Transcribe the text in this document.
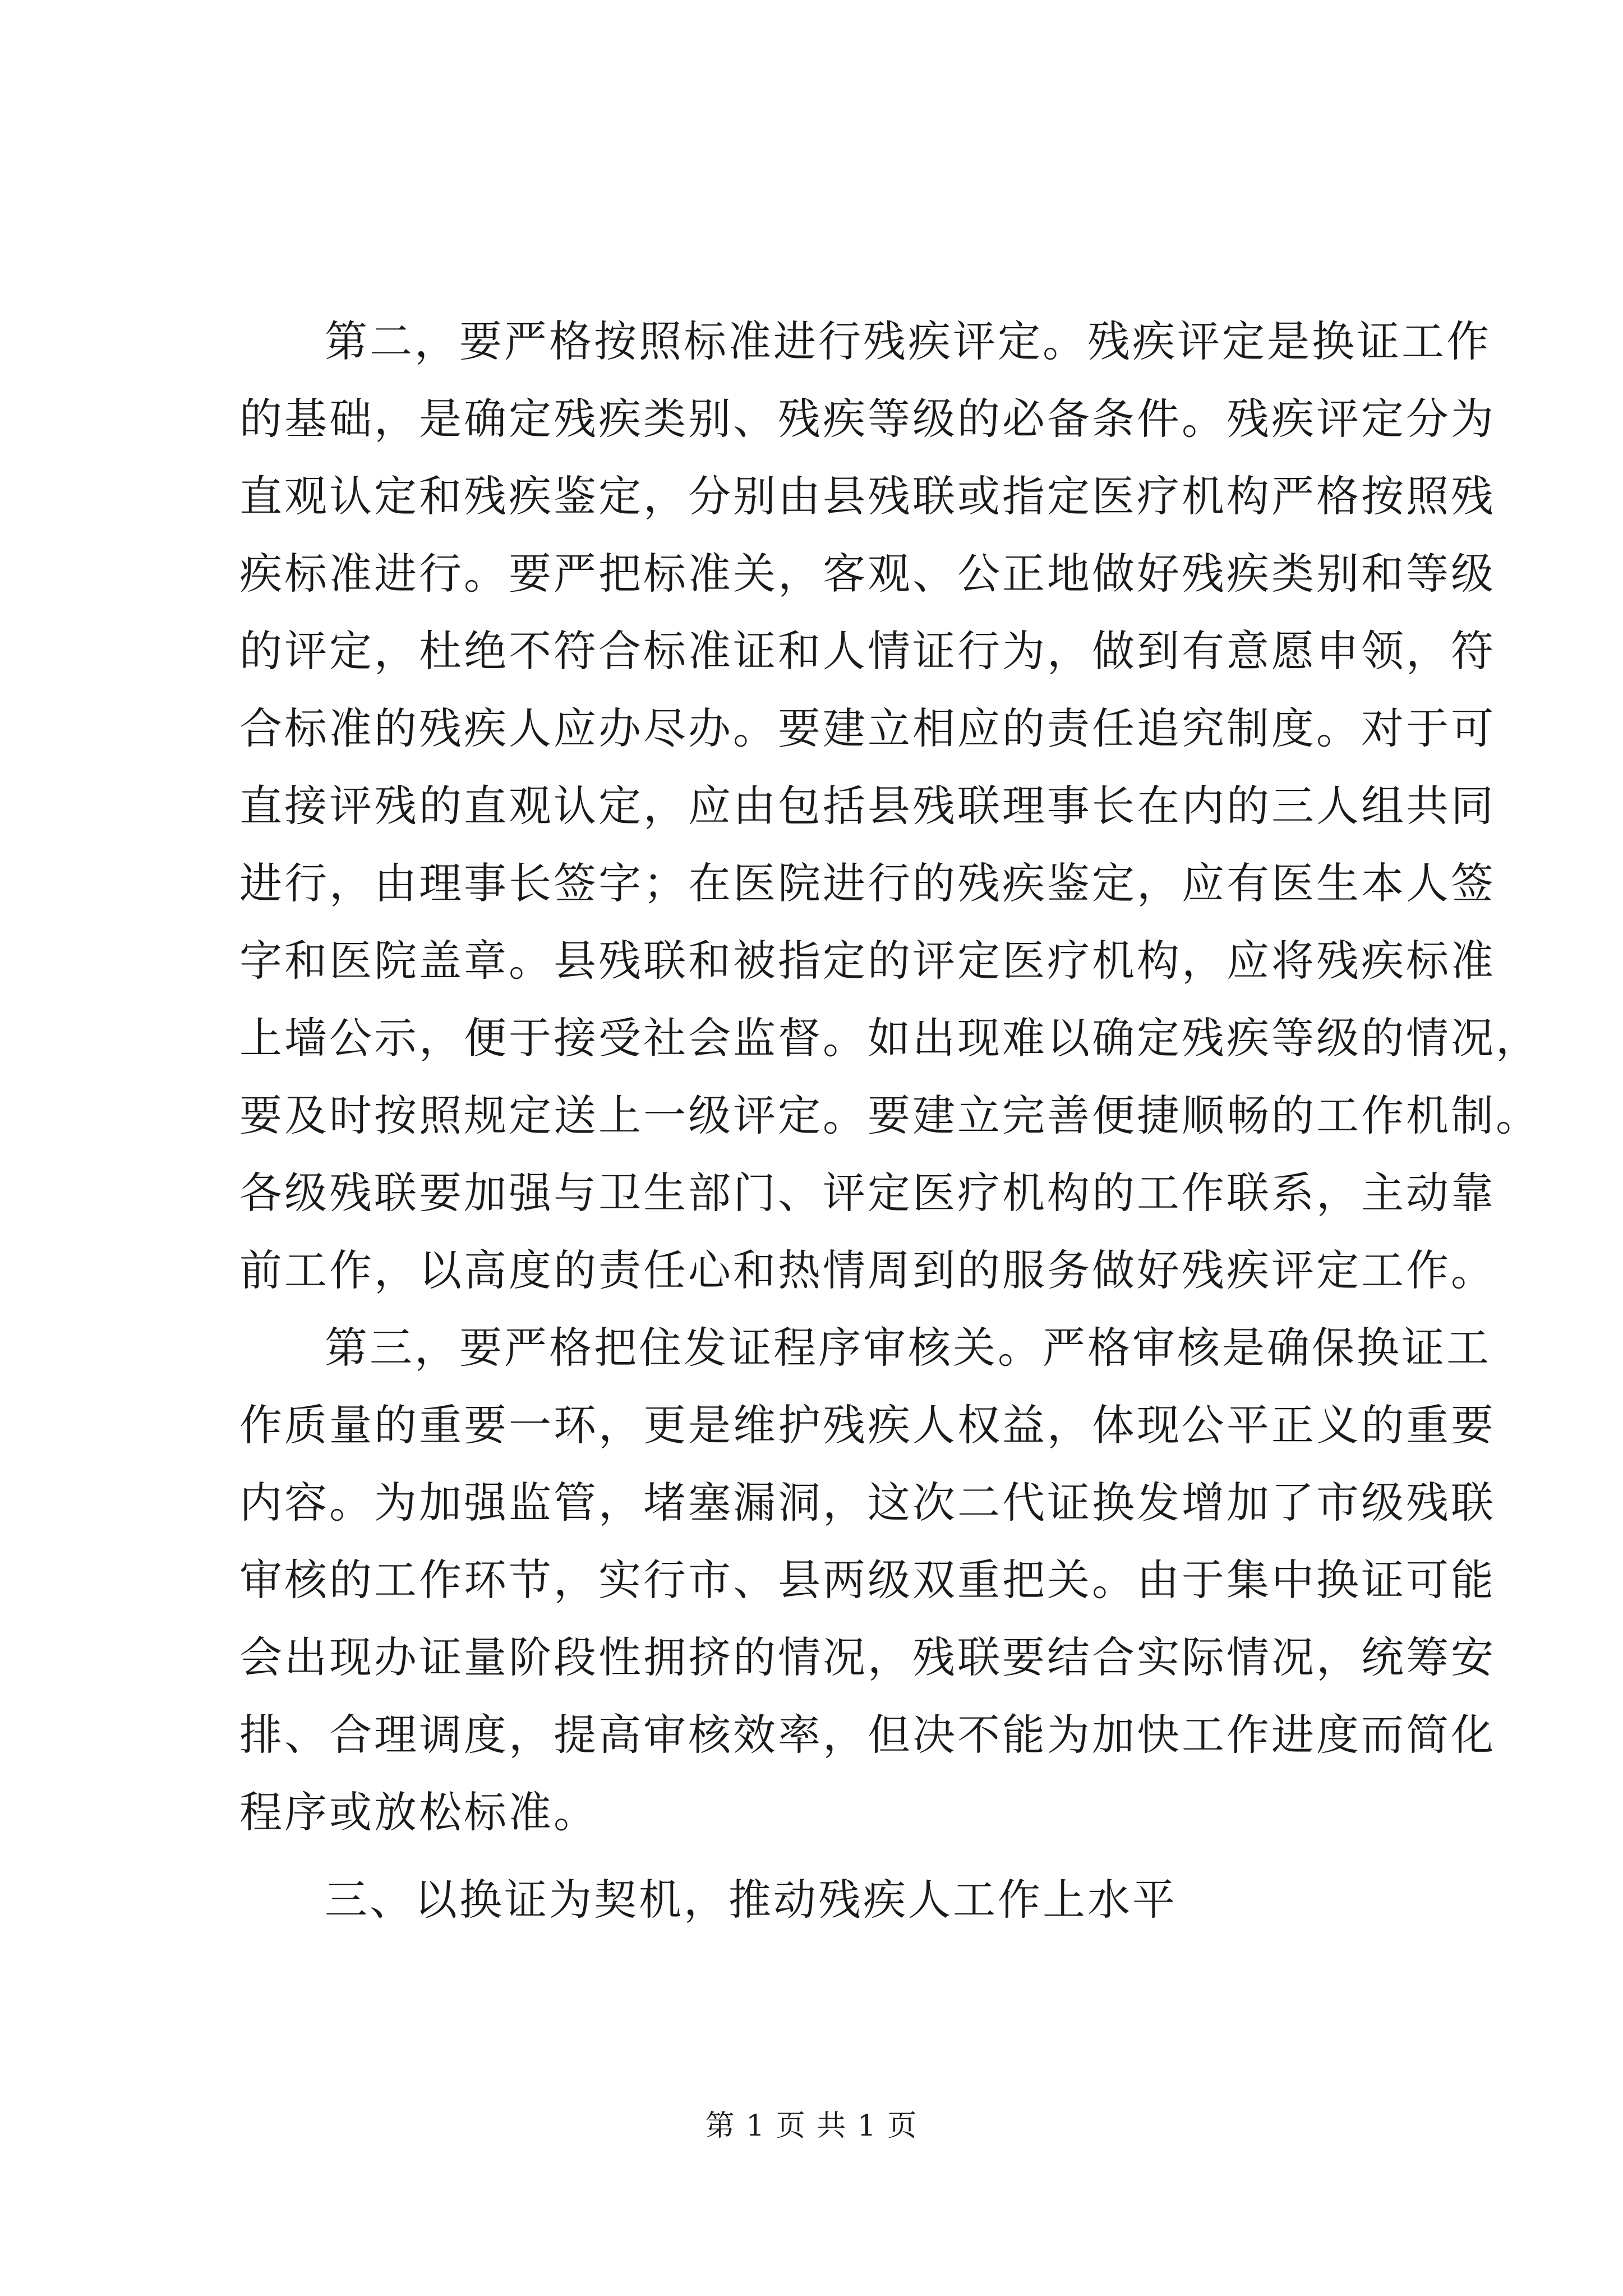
第二，要严格按照标准进行残疾评定。残疾评定是换证工作
的基础，是确定残疾类别、残疾等级的必备条件。残疾评定分为
直观认定和残疾鉴定，分别由县残联或指定医疗机构严格按照残
疾标准进行。要严把标准关，客观、公正地做好残疾类别和等级
的评定，杜绝不符合标准证和人情证行为，做到有意愿申领，符
合标准的残疾人应办尽办。要建立相应的责任追究制度。对于可
直接评残的直观认定，应由包括县残联理事长在内的三人组共同
进行，由理事长签字；在医院进行的残疾鉴定，应有医生本人签
字和医院盖章。县残联和被指定的评定医疗机构，应将残疾标准
上墙公示，便于接受社会监督。如出现难以确定残疾等级的情况，
要及时按照规定送上一级评定。要建立完善便捷顺畅的工作机制。
各级残联要加强与卫生部门、评定医疗机构的工作联系，主动靠
前工作，以高度的责任心和热情周到的服务做好残疾评定工作。
第三，要严格把住发证程序审核关。严格审核是确保换证工
作质量的重要一环，更是维护残疾人权益，体现公平正义的重要
内容。为加强监管，堵塞漏洞，这次二代证换发增加了市级残联
审核的工作环节，实行市、县两级双重把关。由于集中换证可能
会出现办证量阶段性拥挤的情况，残联要结合实际情况，统筹安
排、合理调度，提高审核效率，但决不能为加快工作进度而简化
程序或放松标准。
三、以换证为契机，推动残疾人工作上水平
第 1 页 共 1 页
